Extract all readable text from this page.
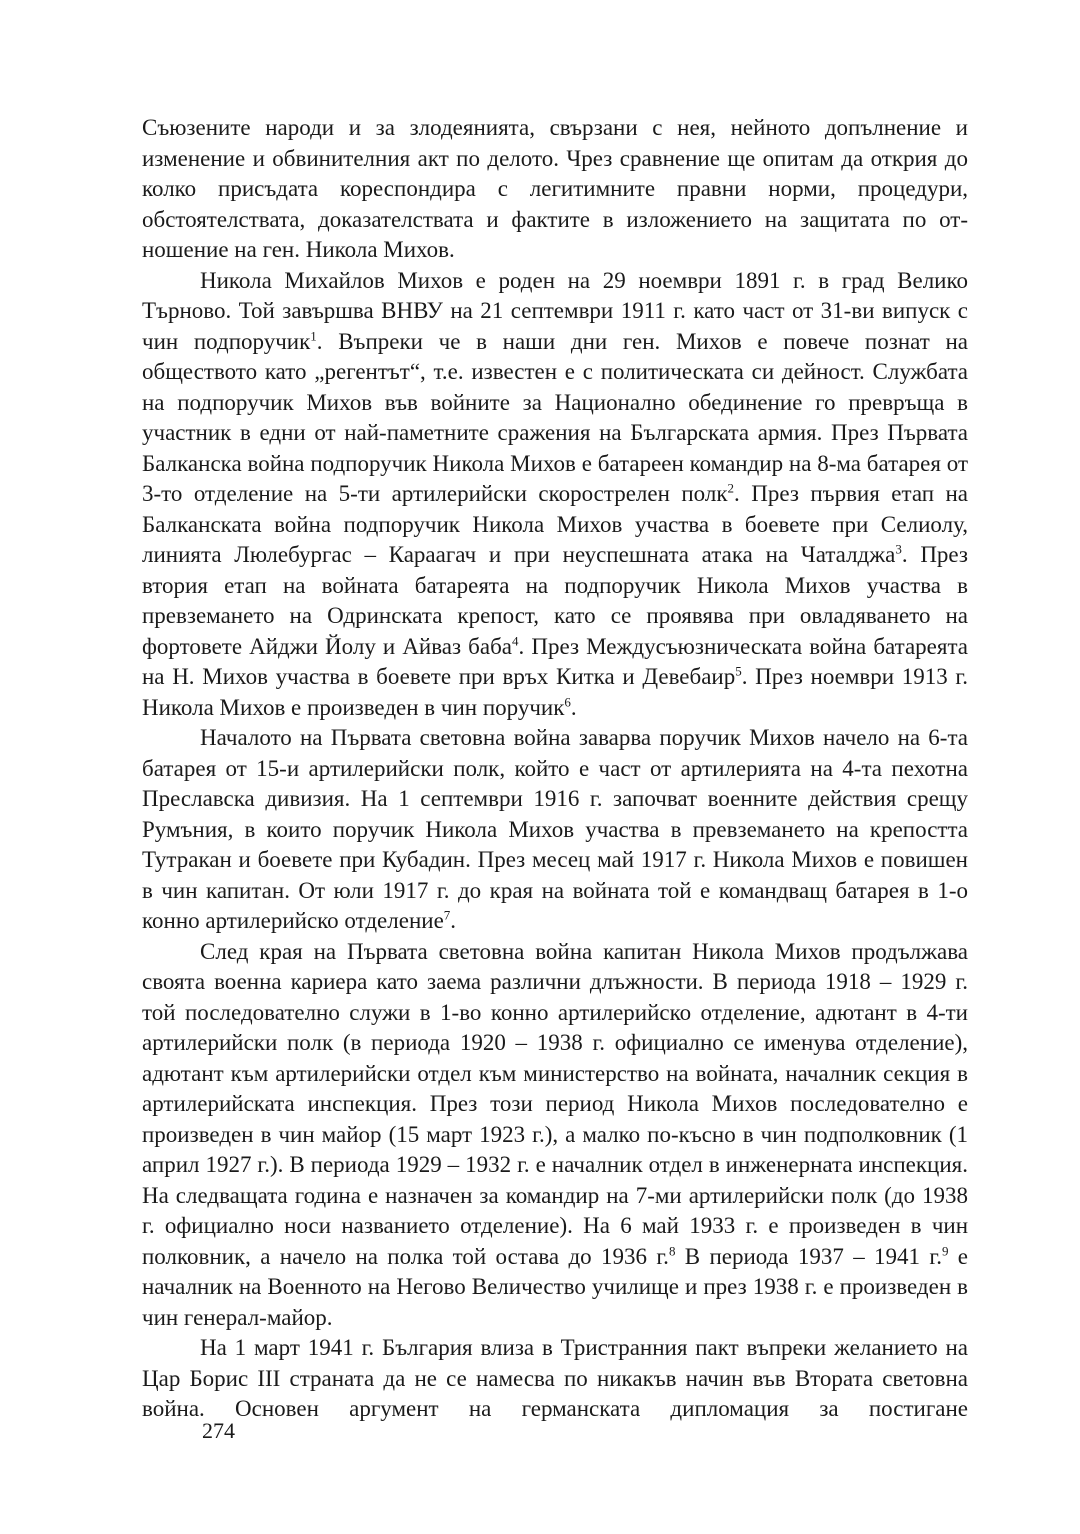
Съюзените народи и за злодеянията, свързани с нея, нейното допълнение и изменение и обвинителния акт по делото. Чрез сравнение ще опитам да открия до колко присъдата кореспондира с легитимните правни норми, процедури, обстоятелствата, доказателствата и фактите в изложението на защитата по отношение на ген. Никола Михов.

Никола Михайлов Михов е роден на 29 ноември 1891 г. в град Велико Търново. Той завършва ВНВУ на 21 септември 1911 г. като част от 31-ви випуск с чин подпоручик$^1$. Въпреки че в наши дни ген. Михов е повече познат на обществото като „регентът“, т.е. известен е с политическата си дейност. Службата на подпоручик Михов във войните за Национално обединение го превръща в участник в едни от най-паметните сражения на Българската армия. През Първата Балканска война подпоручик Никола Михов е батареен командир на 8-ма батарея от 3-то отделение на 5-ти артилерийски скорострелен полк$^2$. През първия етап на Балканската война подпоручик Никола Михов участва в боевете при Селиолу, линията Люлебургас – Караагач и при неуспешната атака на Чаталджа$^3$. През втория етап на войната батареята на подпоручик Никола Михов участва в превземането на Одринската крепост, като се проявява при овладяването на фортовете Айджи Йолу и Айваз баба$^4$. През Междусъюзническата война батареята на Н. Михов участва в боевете при връх Китка и Девебаир$^5$. През ноември 1913 г. Никола Михов е произведен в чин поручик$^6$.

Началото на Първата световна война заварва поручик Михов начело на 6-та батарея от 15-и артилерийски полк, който е част от артилерията на 4-та пехотна Преславска дивизия. На 1 септември 1916 г. започват военните действия срещу Румъния, в които поручик Никола Михов участва в превземането на крепостта Тутракан и боевете при Кубадин. През месец май 1917 г. Никола Михов е повишен в чин капитан. От юли 1917 г. до края на войната той е командващ батарея в 1-о конно артилерийско отделение$^7$.

След края на Първата световна война капитан Никола Михов продължава своята военна кариера като заема различни длъжности. В периода 1918 – 1929 г. той последователно служи в 1-во конно артилерийско отделение, адютант в 4-ти артилерийски полк (в периода 1920 – 1938 г. официално се именува отделение), адютант към артилерийски отдел към министерство на войната, началник секция в артилерийската инспекция. През този период Никола Михов последователно е произведен в чин майор (15 март 1923 г.), а малко по-късно в чин подполковник (1 април 1927 г.). В периода 1929 – 1932 г. е началник отдел в инженерната инспекция. На следващата година е назначен за командир на 7-ми артилерийски полк (до 1938 г. официално носи названието отделение). На 6 май 1933 г. е произведен в чин полковник, а начело на полка той остава до 1936 г.$^8$ В периода 1937 – 1941 г.$^9$ е началник на Военното на Негово Величество училище и през 1938 г. е произведен в чин генерал-майор.

На 1 март 1941 г. България влиза в Тристранния пакт въпреки желанието на Цар Борис III страната да не се намесва по никакъв начин във Втората световна война. Основен аргумент на германската дипломация за постигане

274
